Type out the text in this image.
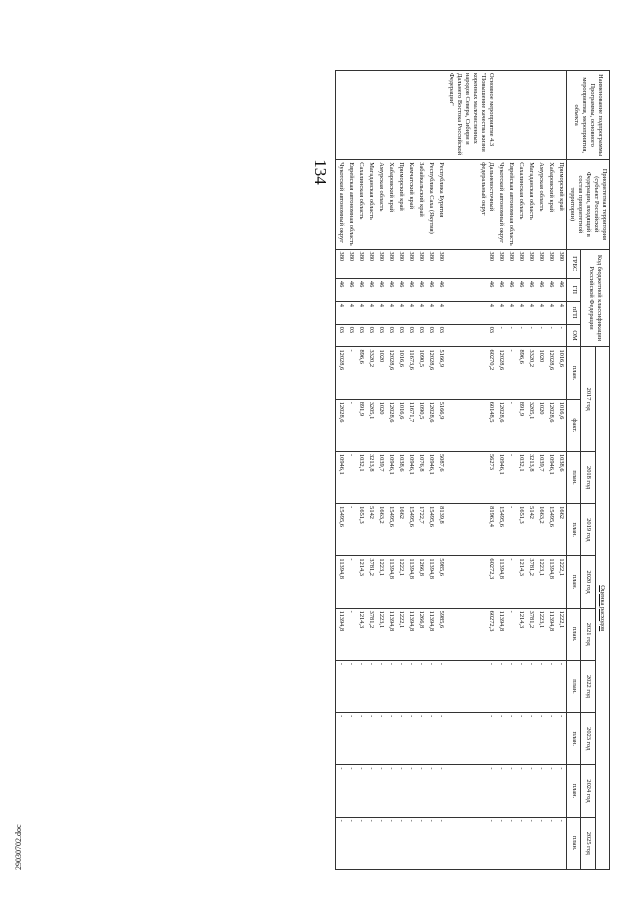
134
29030702.doc
Наименование подпрограммы Программы, основного мероприятия, мероприятия, объекта	Приоритетная территория (субъект Российской Федерации, входящий в состав приоритетной территории)	Код бюджетной классификации Российской Федерации				Оценка расходов									
						2017 год		2018 год	2019 год	2020 год	2021 год	2022 год	2023 год	2024 год	2025 год
		ГРБС	ГП	пГП	ОМ	план.	факт.	план.	план.	план.	план.	план.	план.	план.	план.
	Приморский край	380	46	4	-	1016,6	1016,6	1038,6	1662	1222,1	1222,1	-	-	-	-
	Хабаровский край	380	46	4	-	12028,6	12028,6	10946,1	15495,6	11394,8	11394,8	-	-	-	-
	Амурская область	380	46	4	-	1020	1020	1039,7	1663,2	1223,1	1223,1	-	-	-	-
	Магаданская область	380	46	4	-	3320,2	3205,1	3213,8	5142	3781,2	3781,2	-	-	-	-
	Сахалинская область	380	46	4	-	896,6	891,9	1032,1	1651,3	1214,3	1214,3	-	-	-	-
	Еврейская автономная область	380	46	4	-	-	-	-	-	-	-	-	-	-	-
	Чукотский автономный округ	380	46	4	-	12028,6	12028,6	10946,1	15495,6	11394,8	11394,8	-	-	-	-
Основное мероприятие 4.3 "Повышение качества жизни коренных малочисленных народов Севера, Сибири и Дальнего Востока Российской Федерации"	Дальневосточный федеральный округ	380	46	4	03	60270,2	60148,5	56273	81963,4	60272,3	60272,3	-	-	-	-
	Республика Бурятия	380	46	4	03	5166,9	5166,9	5087,6	8139,8	5985,6	5985,6	-	-	-	-
	Республика Саха (Якутия)	380	46	4	03	12028,6	12028,6	10946,1	15495,6	11394,8	11394,8	-	-	-	-
	Забайкальский край	380	46	4	03	1090,5	1090,5	1076,8	1722,7	1266,8	1266,8	-	-	-	-
	Камчатский край	380	46	4	03	11673,6	11671,7	10946,1	15495,6	11394,8	11394,8	-	-	-	-
	Приморский край	380	46	4	03	1016,6	1016,6	1038,6	1662	1222,1	1222,1	-	-	-	-
	Хабаровский край	380	46	4	03	12028,6	12028,6	10946,1	15495,6	11394,8	11394,8	-	-	-	-
	Амурская область	380	46	4	03	1020	1020	1039,7	1663,2	1223,1	1223,1	-	-	-	-
	Магаданская область	380	46	4	03	3320,2	3205,1	3213,8	5142	3781,2	3781,2	-	-	-	-
	Сахалинская область	380	46	4	03	896,6	891,9	1032,1	1651,3	1214,3	1214,3	-	-	-	-
	Еврейская автономная область	380	46	4	03	-	-	-	-	-	-	-	-	-	-
	Чукотский автономный округ	380	46	4	03	12028,6	12028,6	10946,1	15495,6	11394,8	11394,8	-	-	-	-
